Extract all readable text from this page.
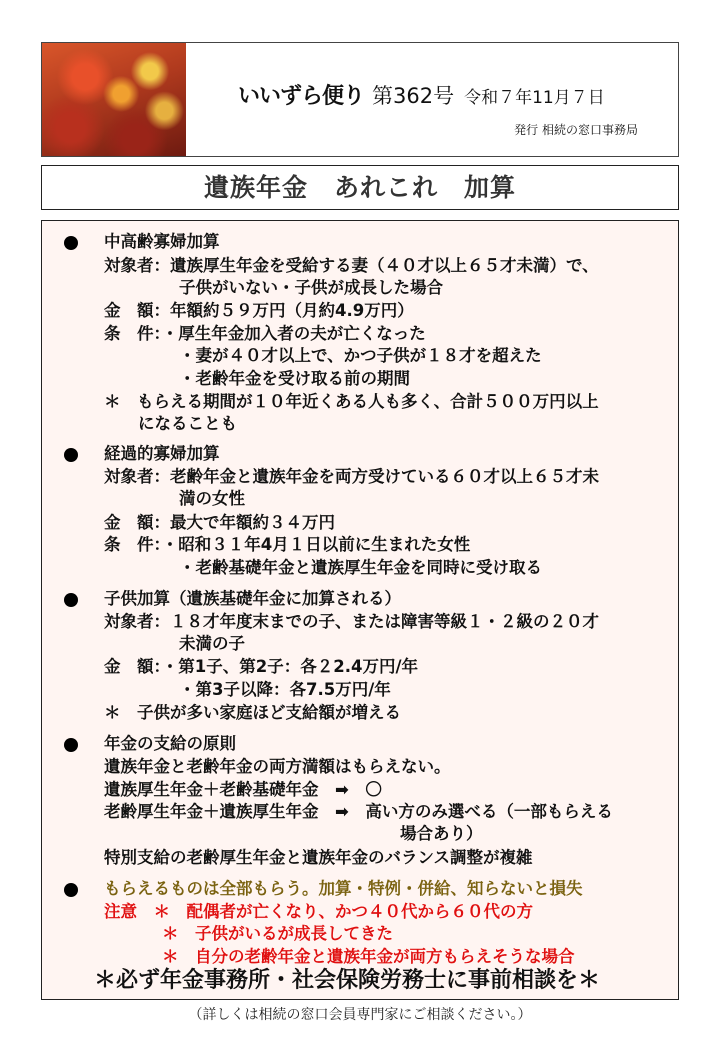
いいずら便り 第362号 令和７年11月７日
発行 相続の窓口事務局
遺族年金　あれこれ　加算
中高齢寡婦加算
対象者：遺族厚生年金を受給する妻（４０才以上６５才未満）で、
子供がいない・子供が成長した場合
金　額：年額約５９万円（月約4.9万円）
条　件：・厚生年金加入者の夫が亡くなった
・妻が４０才以上で、かつ子供が１８才を超えた
・老齢年金を受け取る前の期間
＊　もらえる期間が１０年近くある人も多く、合計５００万円以上
になることも
経過的寡婦加算
対象者：老齢年金と遺族年金を両方受けている６０才以上６５才未
満の女性
金　額：最大で年額約３４万円
条　件：・昭和３１年4月１日以前に生まれた女性
・老齢基礎年金と遺族厚生年金を同時に受け取る
子供加算（遺族基礎年金に加算される）
対象者：１８才年度末までの子、または障害等級１・２級の２０才
未満の子
金　額：・第1子、第2子：各２2.4万円/年
・第3子以降：各7.5万円/年
＊　子供が多い家庭ほど支給額が増える
年金の支給の原則
遺族年金と老齢年金の両方満額はもらえない。
遺族厚生年金＋老齢基礎年金　➡　〇
老齢厚生年金＋遺族厚生年金　➡　高い方のみ選べる（一部もらえる
場合あり）
特別支給の老齢厚生年金と遺族年金のバランス調整が複雑
もらえるものは全部もらう。加算・特例・併給、知らないと損失
注意　＊　配偶者が亡くなり、かつ４０代から６０代の方
＊　子供がいるが成長してきた
＊　自分の老齢年金と遺族年金が両方もらえそうな場合
＊必ず年金事務所・社会保険労務士に事前相談を＊
（詳しくは相続の窓口会員専門家にご相談ください。）
